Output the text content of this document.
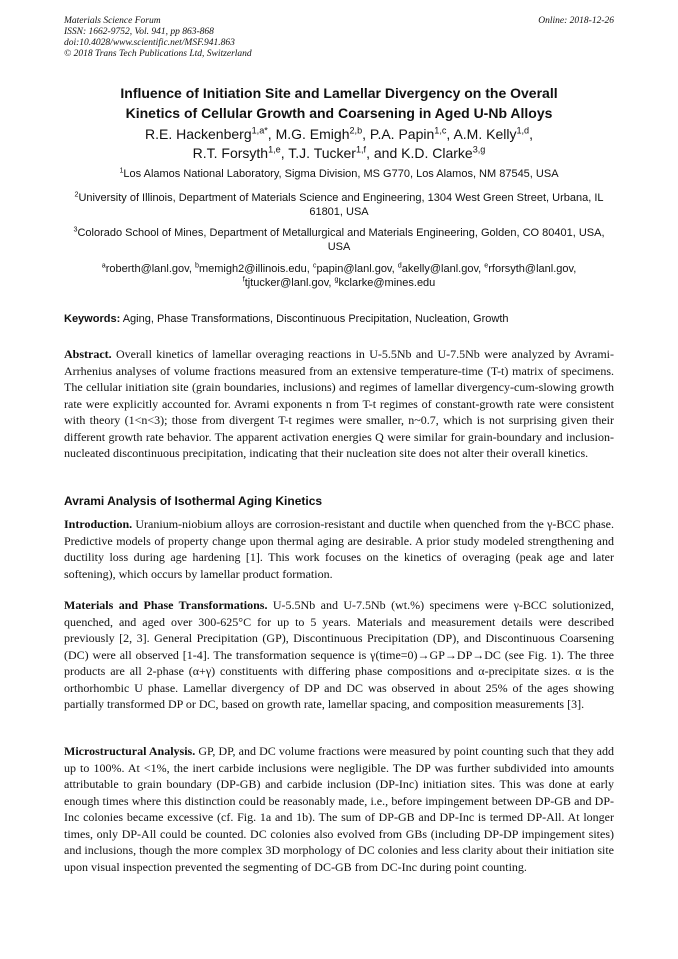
Materials Science Forum
ISSN: 1662-9752, Vol. 941, pp 863-868
doi:10.4028/www.scientific.net/MSF.941.863
© 2018 Trans Tech Publications Ltd, Switzerland
Online: 2018-12-26
Influence of Initiation Site and Lamellar Divergency on the Overall
Kinetics of Cellular Growth and Coarsening in Aged U-Nb Alloys
R.E. Hackenberg$^{1,a*}$, M.G. Emigh$^{2,b}$, P.A. Papin$^{1,c}$, A.M. Kelly$^{1,d}$,
R.T. Forsyth$^{1,e}$, T.J. Tucker$^{1,f}$, and K.D. Clarke$^{3,g}$
$^1$Los Alamos National Laboratory, Sigma Division, MS G770, Los Alamos, NM 87545, USA
$^2$University of Illinois, Department of Materials Science and Engineering, 1304 West Green Street, Urbana, IL 61801, USA
$^3$Colorado School of Mines, Department of Metallurgical and Materials Engineering, Golden, CO 80401, USA, USA
$^a$roberth@lanl.gov, $^b$memigh2@illinois.edu, $^c$papin@lanl.gov, $^d$akelly@lanl.gov, $^e$rforsyth@lanl.gov, $^f$tjtucker@lanl.gov, $^g$kclarke@mines.edu
Keywords: Aging, Phase Transformations, Discontinuous Precipitation, Nucleation, Growth

Abstract. Overall kinetics of lamellar overaging reactions in U-5.5Nb and U-7.5Nb were analyzed by Avrami-Arrhenius analyses of volume fractions measured from an extensive temperature-time (T-t) matrix of specimens. The cellular initiation site (grain boundaries, inclusions) and regimes of lamellar divergency-cum-slowing growth rate were explicitly accounted for. Avrami exponents n from T-t regimes of constant-growth rate were consistent with theory (1<n<3); those from divergent T-t regimes were smaller, n~0.7, which is not surprising given their different growth rate behavior. The apparent activation energies Q were similar for grain-boundary and inclusion-nucleated discontinuous precipitation, indicating that their nucleation site does not alter their overall kinetics.

Avrami Analysis of Isothermal Aging Kinetics

Introduction. Uranium-niobium alloys are corrosion-resistant and ductile when quenched from the γ-BCC phase. Predictive models of property change upon thermal aging are desirable. A prior study modeled strengthening and ductility loss during age hardening [1]. This work focuses on the kinetics of overaging (peak age and later softening), which occurs by lamellar product formation.

Materials and Phase Transformations. U-5.5Nb and U-7.5Nb (wt.%) specimens were γ-BCC solutionized, quenched, and aged over 300-625°C for up to 5 years. Materials and measurement details were described previously [2, 3]. General Precipitation (GP), Discontinuous Precipitation (DP), and Discontinuous Coarsening (DC) were all observed [1-4]. The transformation sequence is γ(time=0)→GP→DP→DC (see Fig. 1). The three products are all 2-phase (α+γ) constituents with differing phase compositions and α-precipitate sizes. α is the orthorhombic U phase. Lamellar divergency of DP and DC was observed in about 25% of the ages showing partially transformed DP or DC, based on growth rate, lamellar spacing, and composition measurements [3].

Microstructural Analysis. GP, DP, and DC volume fractions were measured by point counting such that they add up to 100%. At <1%, the inert carbide inclusions were negligible. The DP was further subdivided into amounts attributable to grain boundary (DP-GB) and carbide inclusion (DP-Inc) initiation sites. This was done at early enough times where this distinction could be reasonably made, i.e., before impingement between DP-GB and DP-Inc colonies became excessive (cf. Fig. 1a and 1b). The sum of DP-GB and DP-Inc is termed DP-All. At longer times, only DP-All could be counted. DC colonies also evolved from GBs (including DP-DP impingement sites) and inclusions, though the more complex 3D morphology of DC colonies and less clarity about their initiation site upon visual inspection prevented the segmenting of DC-GB from DC-Inc during point counting.
